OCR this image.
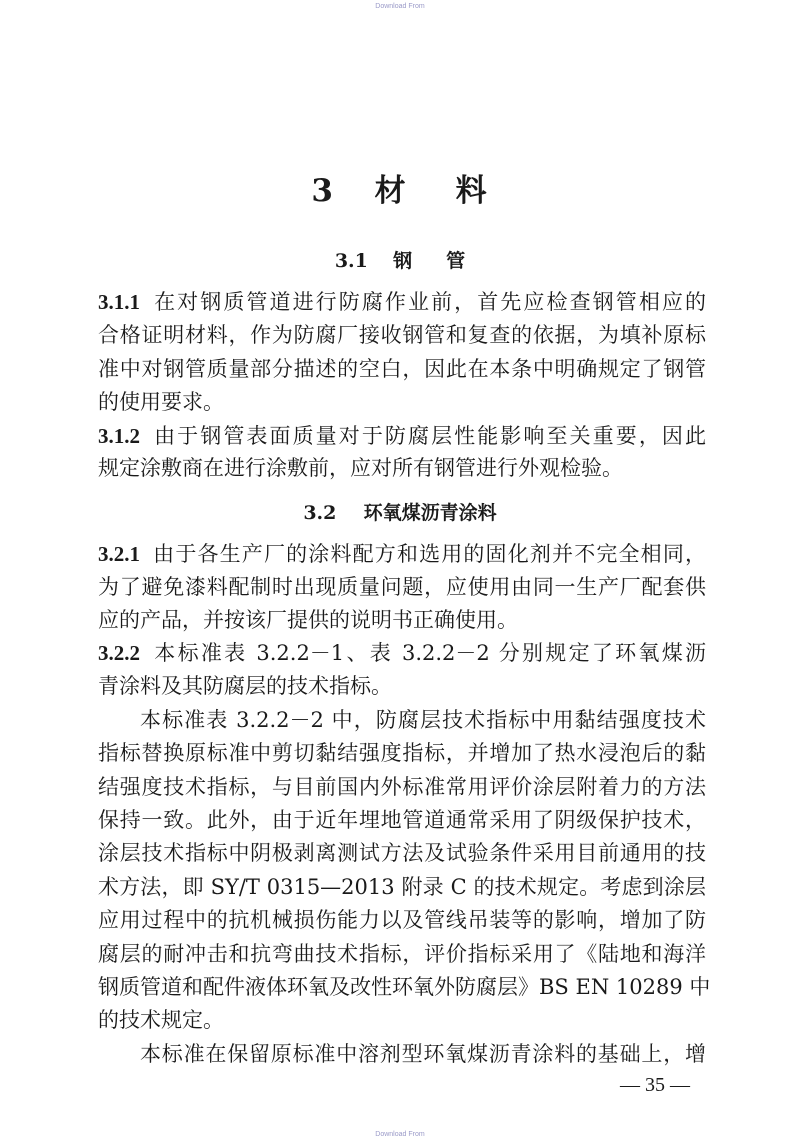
Download From
3 材 料
3.1 钢 管
3.1.1 在对钢质管道进行防腐作业前，首先应检查钢管相应的
合格证明材料，作为防腐厂接收钢管和复查的依据，为填补原标
准中对钢管质量部分描述的空白，因此在本条中明确规定了钢管
的使用要求。
3.1.2 由于钢管表面质量对于防腐层性能影响至关重要，因此
规定涂敷商在进行涂敷前，应对所有钢管进行外观检验。
3.2 环氧煤沥青涂料
3.2.1 由于各生产厂的涂料配方和选用的固化剂并不完全相同，
为了避免漆料配制时出现质量问题，应使用由同一生产厂配套供
应的产品，并按该厂提供的说明书正确使用。
3.2.2 本标准表 3.2.2－1、表 3.2.2－2 分别规定了环氧煤沥
青涂料及其防腐层的技术指标。
本标准表 3.2.2－2 中，防腐层技术指标中用黏结强度技术
指标替换原标准中剪切黏结强度指标，并增加了热水浸泡后的黏
结强度技术指标，与目前国内外标准常用评价涂层附着力的方法
保持一致。此外，由于近年埋地管道通常采用了阴级保护技术，
涂层技术指标中阴极剥离测试方法及试验条件采用目前通用的技
术方法，即 SY/T 0315—2013 附录 C 的技术规定。考虑到涂层
应用过程中的抗机械损伤能力以及管线吊装等的影响，增加了防
腐层的耐冲击和抗弯曲技术指标，评价指标采用了《陆地和海洋
钢质管道和配件液体环氧及改性环氧外防腐层》BS EN 10289 中
的技术规定。
本标准在保留原标准中溶剂型环氧煤沥青涂料的基础上，增
— 35 —
Download From
